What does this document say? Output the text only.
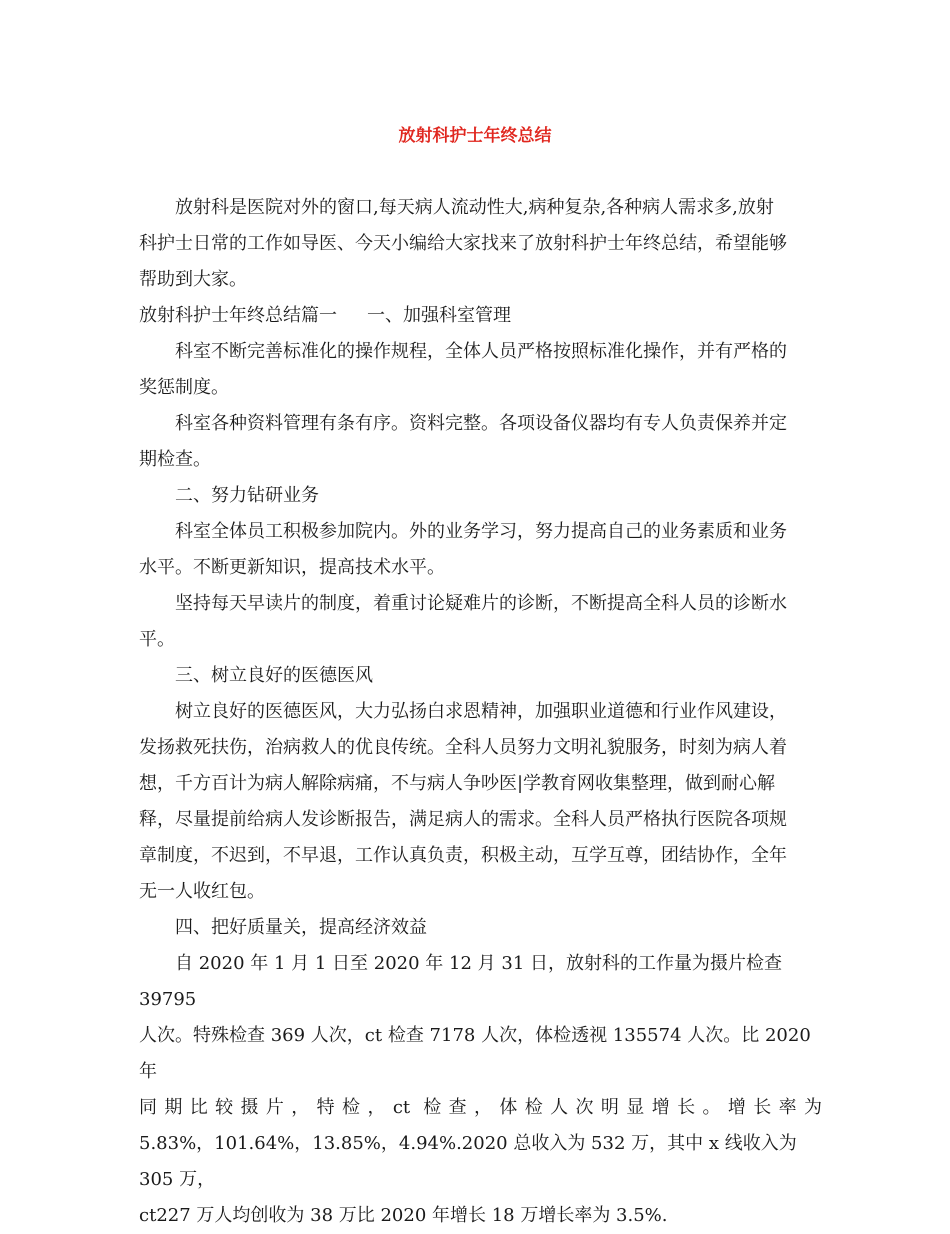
放射科护士年终总结
放射科是医院对外的窗口,每天病人流动性大,病种复杂,各种病人需求多,放射
科护士日常的工作如导医、今天小编给大家找来了放射科护士年终总结，希望能够
帮助到大家。
放射科护士年终总结篇一 一、加强科室管理
科室不断完善标准化的操作规程，全体人员严格按照标准化操作，并有严格的
奖惩制度。
科室各种资料管理有条有序。资料完整。各项设备仪器均有专人负责保养并定
期检查。
二、努力钻研业务
科室全体员工积极参加院内。外的业务学习，努力提高自己的业务素质和业务
水平。不断更新知识，提高技术水平。
坚持每天早读片的制度，着重讨论疑难片的诊断，不断提高全科人员的诊断水
平。
三、树立良好的医德医风
树立良好的医德医风，大力弘扬白求恩精神，加强职业道德和行业作风建设，
发扬救死扶伤，治病救人的优良传统。全科人员努力文明礼貌服务，时刻为病人着
想，千方百计为病人解除病痛，不与病人争吵医|学教育网收集整理，做到耐心解
释，尽量提前给病人发诊断报告，满足病人的需求。全科人员严格执行医院各项规
章制度，不迟到，不早退，工作认真负责，积极主动，互学互尊，团结协作，全年
无一人收红包。
四、把好质量关，提高经济效益
自 2020 年 1 月 1 日至 2020 年 12 月 31 日，放射科的工作量为摄片检查 39795
人次。特殊检查 369 人次，ct 检查 7178 人次，体检透视 135574 人次。比 2020 年
同期比较摄片，特检，ct 检查，体检人次明显增长。增长率为
5.83%，101.64%，13.85%，4.94%.2020 总收入为 532 万，其中 x 线收入为 305 万，
ct227 万人均创收为 38 万比 2020 年增长 18 万增长率为 3.5%.
